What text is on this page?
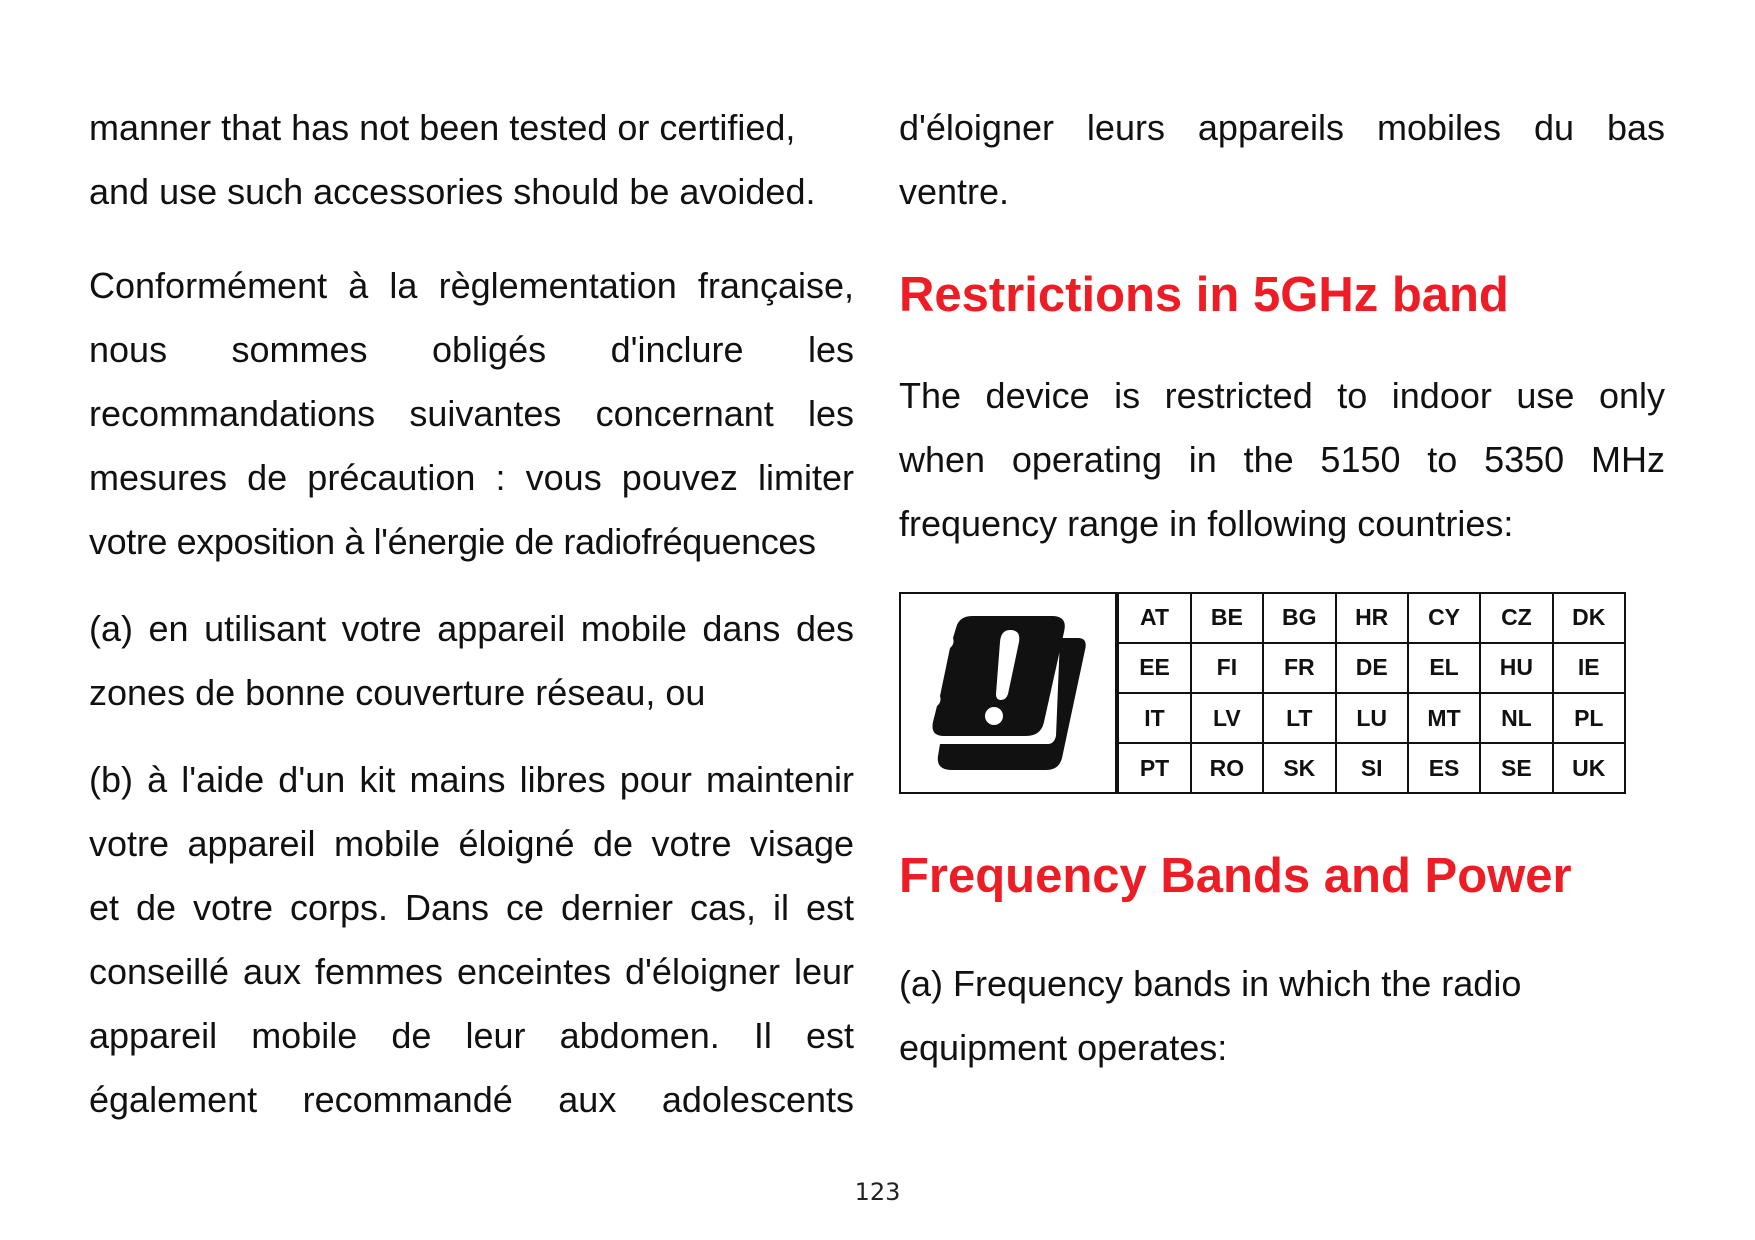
manner that has not been tested or certified,

and use such accessories should be avoided.

Conformément à la règlementation française,

nous sommes obligés d'inclure les

recommandations suivantes concernant les

mesures de précaution : vous pouvez limiter

votre exposition à l'énergie de radiofréquences

(a) en utilisant votre appareil mobile dans des

zones de bonne couverture réseau, ou

(b) à l'aide d'un kit mains libres pour maintenir

votre appareil mobile éloigné de votre visage

et de votre corps. Dans ce dernier cas, il est

conseillé aux femmes enceintes d'éloigner leur

appareil mobile de leur abdomen. Il est

également recommandé aux adolescents

d'éloigner leurs appareils mobiles du bas

ventre.

Restrictions in 5GHz band

The device is restricted to indoor use only

when operating in the 5150 to 5350 MHz

frequency range in following countries:

AT	BE	BG	HR	CY	CZ	DK
EE	FI	FR	DE	EL	HU	IE
IT	LV	LT	LU	MT	NL	PL
PT	RO	SK	SI	ES	SE	UK
Frequency Bands and Power

(a) Frequency bands in which the radio

equipment operates:

123
